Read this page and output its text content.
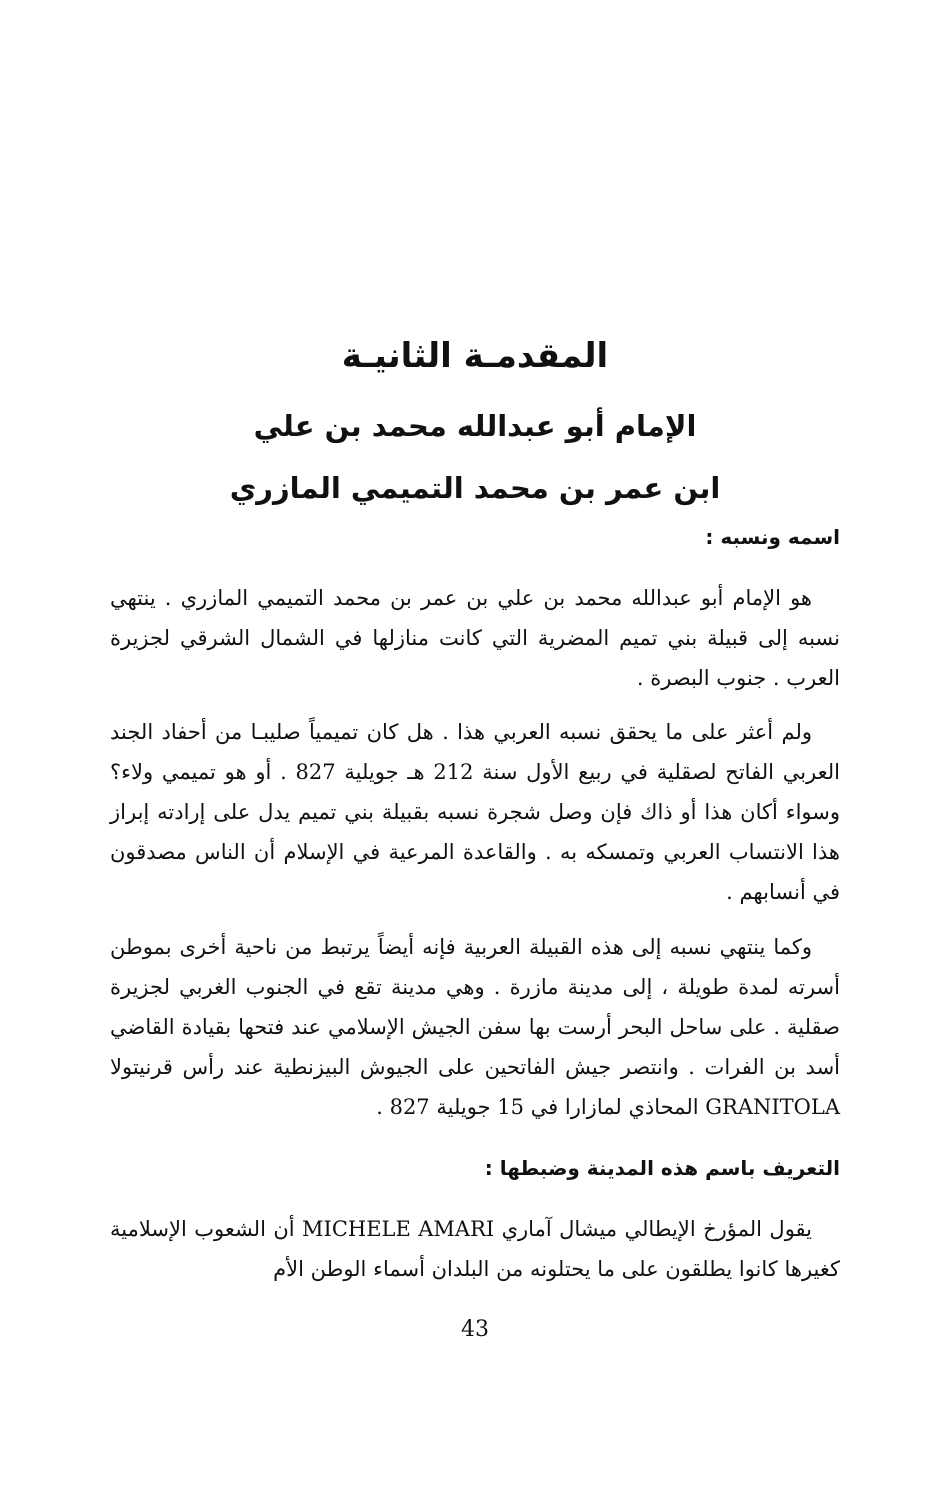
المقدمـة الثانيـة
الإمام أبو عبدالله محمد بن علي
ابن عمر بن محمد التميمي المازري
اسمه ونسبه :

هو الإمام أبو عبدالله محمد بن علي بن عمر بن محمد التميمي المازري . ينتهي نسبه إلى قبيلة بني تميم المضرية التي كانت منازلها في الشمال الشرقي لجزيرة العرب . جنوب البصرة .

ولم أعثر على ما يحقق نسبه العربي هذا . هل كان تميمياً صليبـا من أحفاد الجند العربي الفاتح لصقلية في ربيع الأول سنة 212 هـ جويلية 827 . أو هو تميمي ولاء؟ وسواء أكان هذا أو ذاك فإن وصل شجرة نسبه بقبيلة بني تميم يدل على إرادته إبراز هذا الانتساب العربي وتمسكه به . والقاعدة المرعية في الإسلام أن الناس مصدقون في أنسابهم .

وكما ينتهي نسبه إلى هذه القبيلة العربية فإنه أيضاً يرتبط من ناحية أخرى بموطن أسرته لمدة طويلة ، إلى مدينة مازرة . وهي مدينة تقع في الجنوب الغربي لجزيرة صقلية . على ساحل البحر أرست بها سفن الجيش الإسلامي عند فتحها بقيادة القاضي أسد بن الفرات . وانتصر جيش الفاتحين على الجيوش البيزنطية عند رأس قرنيتولا GRANITOLA المحاذي لمازارا في 15 جويلية 827 .

التعريف باسم هذه المدينة وضبطها :

يقول المؤرخ الإيطالي ميشال آماري MICHELE AMARI أن الشعوب الإسلامية كغيرها كانوا يطلقون على ما يحتلونه من البلدان أسماء الوطن الأم

43
